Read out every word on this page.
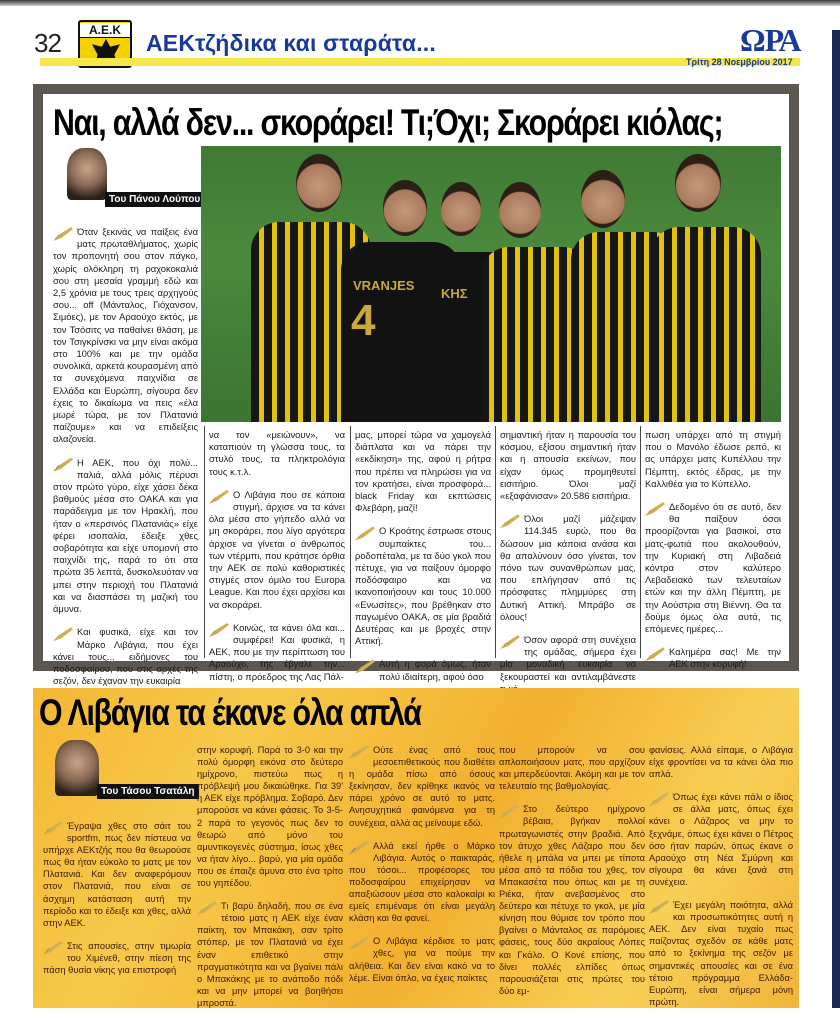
32	Α.Ε.Κ	ΑΕΚτζήδικα και σταράτα...	ΩΡΑ
Τρίτη 28 Νοεμβρίου 2017
Ναι, αλλά δεν... σκοράρει! Τι;Όχι; Σκοράρει κιόλας;
Του Πάνου Λούπου
VRANJES
4
ΚΗΣ

Όταν ξεκινάς να παίξεις ένα ματς πρωταθλήματος, χωρίς τον προπονητή σου στον πάγκο, χωρίς ολόκληρη τη ραχοκοκαλιά σου στη μεσαία γραμμή εδώ και 2,5 χρόνια με τους τρεις αρχηγούς σου... off (Μάνταλος, Γιόχανσον, Σιμόες), με τον Αραούχο εκτός, με τον Τσόσιτς να παθαίνει θλάση, με τον Τσιγκρίνσκι να μην είναι ακόμα στο 100% και με την ομάδα συνολικά, αρκετά κουρασμένη από τα συνεχόμενα παιχνίδια σε Ελλάδα και Ευρώπη, σίγουρα δεν έχεις το δικαίωμα να πεις «έλα μωρέ τώρα, με τον Πλατανιά παίζουμε» και να επιδείξεις αλαζονεία.

Η ΑΕΚ, που όχι πολύ... παλιά, αλλά μόλις πέρυσι στον πρώτο γύρο, είχε χάσει δέκα βαθμούς μέσα στο ΟΑΚΑ και για παράδειγμα με τον Ηρακλή, που ήταν ο «περσινός Πλατανιάς» είχε φέρει ισοπαλία, έδειξε χθες σοβαρότητα και είχε υπομονή στο παιχνίδι της, παρά το ότι στα πρώτα 35 λεπτά, δυσκολευόταν να μπει στην περιοχή του Πλατανιά και να διασπάσει τη μαζική του άμυνα.

Και φυσικά, είχε και τον Μάρκο Λιβάγια, που έχει κάνει τους... ειδήμονες του ποδοσφαίρου, που στις αρχές της σεζόν, δεν έχαναν την ευκαιρία

να τον «μειώνουν», να καταπιούν τη γλώσσα τους, τα στυλό τους, τα πληκτρολόγια τους κ.τ.λ.

Ο Λιβάγια που σε κάποια στιγμή, άρχισε να τα κάνει όλα μέσα στο γήπεδο αλλά να μη σκοράρει, που λίγο αργότερα άρχισε να γίνεται ο άνθρωπος των ντέρμπι, που κράτησε όρθια την ΑΕΚ σε πολύ καθοριστικές στιγμές στον όμιλο του Europa League. Και που έχει αρχίσει και να σκοράρει.

Κοινώς, τα κάνει όλα και... συμφέρει! Και φυσικά, η ΑΕΚ, που με την περίπτωση του Αραούχο, της έβγαλε την... πίστη, ο πρόεδρος της Λας Πάλ-

μας, μπορεί τώρα να χαμογελά διάπλατα και να πάρει την «εκδίκηση» της, αφού η ρήτρα που πρέπει να πληρώσει για να τον κρατήσει, είναι προσφορά... black Friday και εκπτώσεις Φλεβάρη, μαζί!

Ο Κροάτης έστρωσε στους συμπαίκτες του... ροδοπέταλα, με τα δύο γκολ που πέτυχε, για να παίξουν όμορφο ποδόσφαιρο και να ικανοποιήσουν και τους 10.000 «Ενωσίτες», που βρέθηκαν στο παγωμένο ΟΑΚΑ, σε μία βραδιά Δευτέρας και με βροχές στην Αττική.

Αυτή η φορά όμως, ήταν πολύ ιδιαίτερη, αφού όσο

σημαντική ήταν η παρουσία του κόσμου, εξίσου σημαντική ήταν και η απουσία εκείνων, που είχαν όμως προμηθευτεί εισιτήριο. Όλοι μαζί «εξαφάνισαν» 20.586 εισιτήρια.

Όλοι μαζί μάζεψαν 114.345 ευρώ, που θα δώσουν μια κάποια ανάσα και θα απαλύνουν όσο γίνεται, τον πόνο των συνανθρώπων μας, που επλήγησαν από τις πρόσφατες πλημμύρες στη Δυτική Αττική. Μπράβο σε όλους!

Όσον αφορά στη συνέχεια της ομάδας, σήμερα έχει μία μοναδική ευκαιρία να ξεκουραστεί και αντιλαμβάνεστε

πωση υπάρχει από τη στιγμή που ο Μανόλο έδωσε ρεπό, κι ας υπάρχει ματς Κυπέλλου την Πέμπτη, εκτός έδρας, με την Καλλιθέα για το Κύπελλο.

Δεδομένο ότι σε αυτό, δεν θα παίξουν όσοι προορίζονται για βασικοί, στα ματς-φωτιά που ακολουθούν, την Κυριακή στη Λιβαδειά κόντρα στον καλύτερο Λεβαδειακό των τελευταίων ετών και την άλλη Πέμπτη, με την Αούστρια στη Βιέννη. Θα τα δούμε όμως όλα αυτά, τις επόμενες ημέρες...

Καλημέρα σας! Με την ΑΕΚ στην κορυφή!

Ο Λιβάγια τα έκανε όλα απλά
Του Τάσου Τσατάλη

Έγραψα χθες στο σάιτ του sportfm, πως δεν πίστευα να υπήρχε ΑΕΚτζής που θα θεωρούσε πως θα ήταν εύκολο το ματς με τον Πλατανιά. Και δεν αναφερόμουν στον Πλατανιά, που είναι σε άσχημη κατάσταση αυτή την περίοδο και το έδειξε και χθες, αλλά στην ΑΕΚ.

Στις απουσίες, στην τιμωρία του Χιμένεθ, στην πίεση της πάση θυσία νίκης για επιστροφή

στην κορυφή. Παρά το 3-0 και την πολύ όμορφη εικόνα στο δεύτερο ημίχρονο, πιστεύω πως η πρόβλεψή μου δικαιώθηκε. Για 39' η ΑΕΚ είχε πρόβλημα. Σοβαρό. Δεν μπορούσε να κάνει φάσεις. Το 3-5-2 παρά το γεγονός πως δεν το θεωρώ από μόνο του αμυντικογενές σύστημα, ίσως χθες να ήταν λίγο... βαρύ, για μία ομάδα που σε έπαιζε άμυνα στο ένα τρίτο του γηπέδου.

Τι βαρύ δηλαδή, που σε ένα τέτοιο ματς η ΑΕΚ είχε έναν παίκτη, τον Μπακάκη, σαν τρίτο στόπερ, με τον Πλατανιά να έχει έναν επιθετικό στην πραγματικότητα και να βγαίνει πάλι ο Μπακάκης με το ανάποδο πόδι και να μην μπορεί να βοηθήσει μπροστά.

Ούτε ένας από τους μεσοεπιθετικούς που διαθέτει η ομάδα πίσω από όσους ξεκίνησαν, δεν κρίθηκε ικανός να πάρει χρόνο σε αυτό το ματς. Ανησυχητικά φαινόμενα για τη συνέχεια, αλλά ας μείνουμε εδώ.

Αλλά εκεί ήρθε ο Μάρκο Λιβάγια. Αυτός ο παικταράς, που τόσοι... προφέσορες του ποδοσφαίρου επιχείρησαν να απαξιώσουν μέσα στο καλοκαίρι κι εμείς επιμέναμε ότι είναι μεγάλη κλάση και θα φανεί.

Ο Λιβάγια κέρδισε το ματς χθες, για να πούμε την αλήθεια. Και δεν είναι κακό να το λέμε. Είναι όπλο, να έχεις παίκτες

που μπορούν να σου απλοποιήσουν ματς, που αρχίζουν και μπερδεύονται. Ακόμη και με τον τελευταίο της βαθμολογίας.

Στο δεύτερο ημίχρονο βέβαια, βγήκαν πολλοί πρωταγωνιστές στην βραδιά. Από τον άτυχο χθες Λάζαρο που δεν ήθελε η μπάλα να μπει με τίποτα μέσα από τα πόδια του χθες, τον Μπακασέτα που όπως και με τη Ριέκα, ήταν ανεβασμένος στο δεύτερο και πέτυχε το γκολ, με μία κίνηση που θύμισε τον τρόπο που βγαίνει ο Μάνταλος σε παρόμοιες φάσεις, τους δύο ακραίους Λόπες και Γκάλο. Ο Κονέ επίσης, που δίνει πολλές ελπίδες όπως παρουσιάζεται στις πρώτες του δύο εμ-

φανίσεις. Αλλά είπαμε, ο Λιβάγια είχε φροντίσει να τα κάνει όλα πιο απλά.

Όπως έχει κάνει πάλι ο ίδιος σε άλλα ματς, όπως έχει κάνει ο Λάζαρος να μην το ξεχνάμε, όπως έχει κάνει ο Πέτρος όσο ήταν παρών, όπως έκανε ο Αραούχο στη Νέα Σμύρνη και σίγουρα θα κάνει ξανά στη συνέχεια.

Έχει μεγάλη ποιότητα, αλλά και προσωπικότητες αυτή η ΑΕΚ. Δεν είναι τυχαίο πως παίζοντας σχεδόν σε κάθε ματς από το ξεκίνημα της σεζόν με σημαντικές απουσίες και σε ένα τέτοιο πρόγραμμα Ελλάδα-Ευρώπη, είναι σήμερα μόνη πρώτη.
